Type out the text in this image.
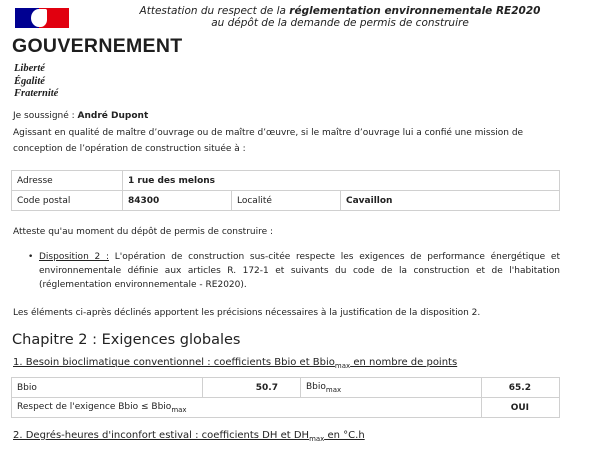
GOUVERNEMENT
Liberté
Égalité
Fraternité
Attestation du respect de la réglementation environnementale RE2020
au dépôt de la demande de permis de construire
Je soussigné : André Dupont
Agissant en qualité de maître d’ouvrage ou de maître d’œuvre, si le maître d’ouvrage lui a confié une mission de conception de l’opération de construction située à :
Adresse	1 rue des melons		
Code postal	84300	Localité	Cavaillon
Atteste qu'au moment du dépôt de permis de construire :
• Disposition 2 : L'opération de construction sus-citée respecte les exigences de performance énergétique et environnementale définie aux articles R. 172-1 et suivants du code de la construction et de l'habitation (réglementation environnementale - RE2020).
Les éléments ci-après déclinés apportent les précisions nécessaires à la justification de la disposition 2.
Chapitre 2 : Exigences globales
1. Besoin bioclimatique conventionnel : coefficients Bbio et Bbio$_{max}$ en nombre de points
Bbio	50.7	Bbio$_{max}$	65.2
Respect de l'exigence Bbio ≤ Bbio$_{max}$			OUI
2. Degrés-heures d'inconfort estival : coefficients DH et $DH_{max}$ en °C.h
